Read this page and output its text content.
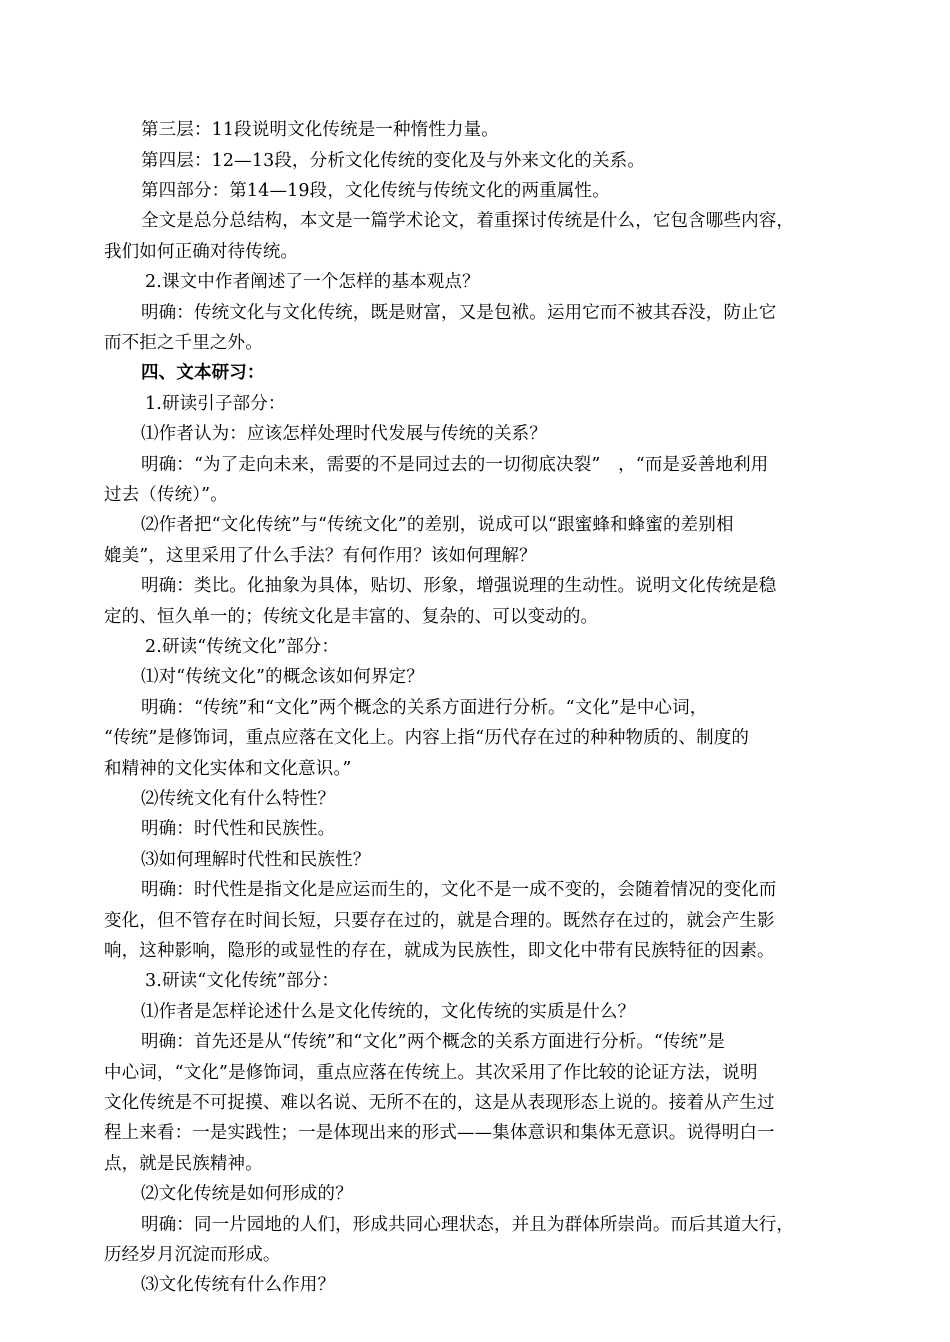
第三层：11段说明文化传统是一种惰性力量。
第四层：12—13段，分析文化传统的变化及与外来文化的关系。
第四部分：第14—19段，文化传统与传统文化的两重属性。
全文是总分总结构，本文是一篇学术论文，着重探讨传统是什么，它包含哪些内容，
我们如何正确对待传统。
2.课文中作者阐述了一个怎样的基本观点？
明确：传统文化与文化传统，既是财富，又是包袱。运用它而不被其吞没，防止它
而不拒之千里之外。
四、文本研习：
1.研读引子部分：
⑴作者认为：应该怎样处理时代发展与传统的关系？
明确：“为了走向未来，需要的不是同过去的一切彻底决裂”　，“而是妥善地利用
过去（传统）”。
⑵作者把“文化传统”与“传统文化”的差别，说成可以“跟蜜蜂和蜂蜜的差别相
媲美”，这里采用了什么手法？有何作用？该如何理解？
明确：类比。化抽象为具体，贴切、形象，增强说理的生动性。说明文化传统是稳
定的、恒久单一的；传统文化是丰富的、复杂的、可以变动的。
2.研读“传统文化”部分：
⑴对“传统文化”的概念该如何界定？
明确：“传统”和“文化”两个概念的关系方面进行分析。“文化”是中心词，
“传统”是修饰词，重点应落在文化上。内容上指“历代存在过的种种物质的、制度的
和精神的文化实体和文化意识。”
⑵传统文化有什么特性？
明确：时代性和民族性。
⑶如何理解时代性和民族性？
明确：时代性是指文化是应运而生的，文化不是一成不变的，会随着情况的变化而
变化，但不管存在时间长短，只要存在过的，就是合理的。既然存在过的，就会产生影
响，这种影响，隐形的或显性的存在，就成为民族性，即文化中带有民族特征的因素。
3.研读“文化传统”部分：
⑴作者是怎样论述什么是文化传统的，文化传统的实质是什么？
明确：首先还是从“传统”和“文化”两个概念的关系方面进行分析。“传统”是
中心词，“文化”是修饰词，重点应落在传统上。其次采用了作比较的论证方法，说明
文化传统是不可捉摸、难以名说、无所不在的，这是从表现形态上说的。接着从产生过
程上来看：一是实践性；一是体现出来的形式——集体意识和集体无意识。说得明白一
点，就是民族精神。
⑵文化传统是如何形成的？
明确：同一片园地的人们，形成共同心理状态，并且为群体所崇尚。而后其道大行，
历经岁月沉淀而形成。
⑶文化传统有什么作用？
